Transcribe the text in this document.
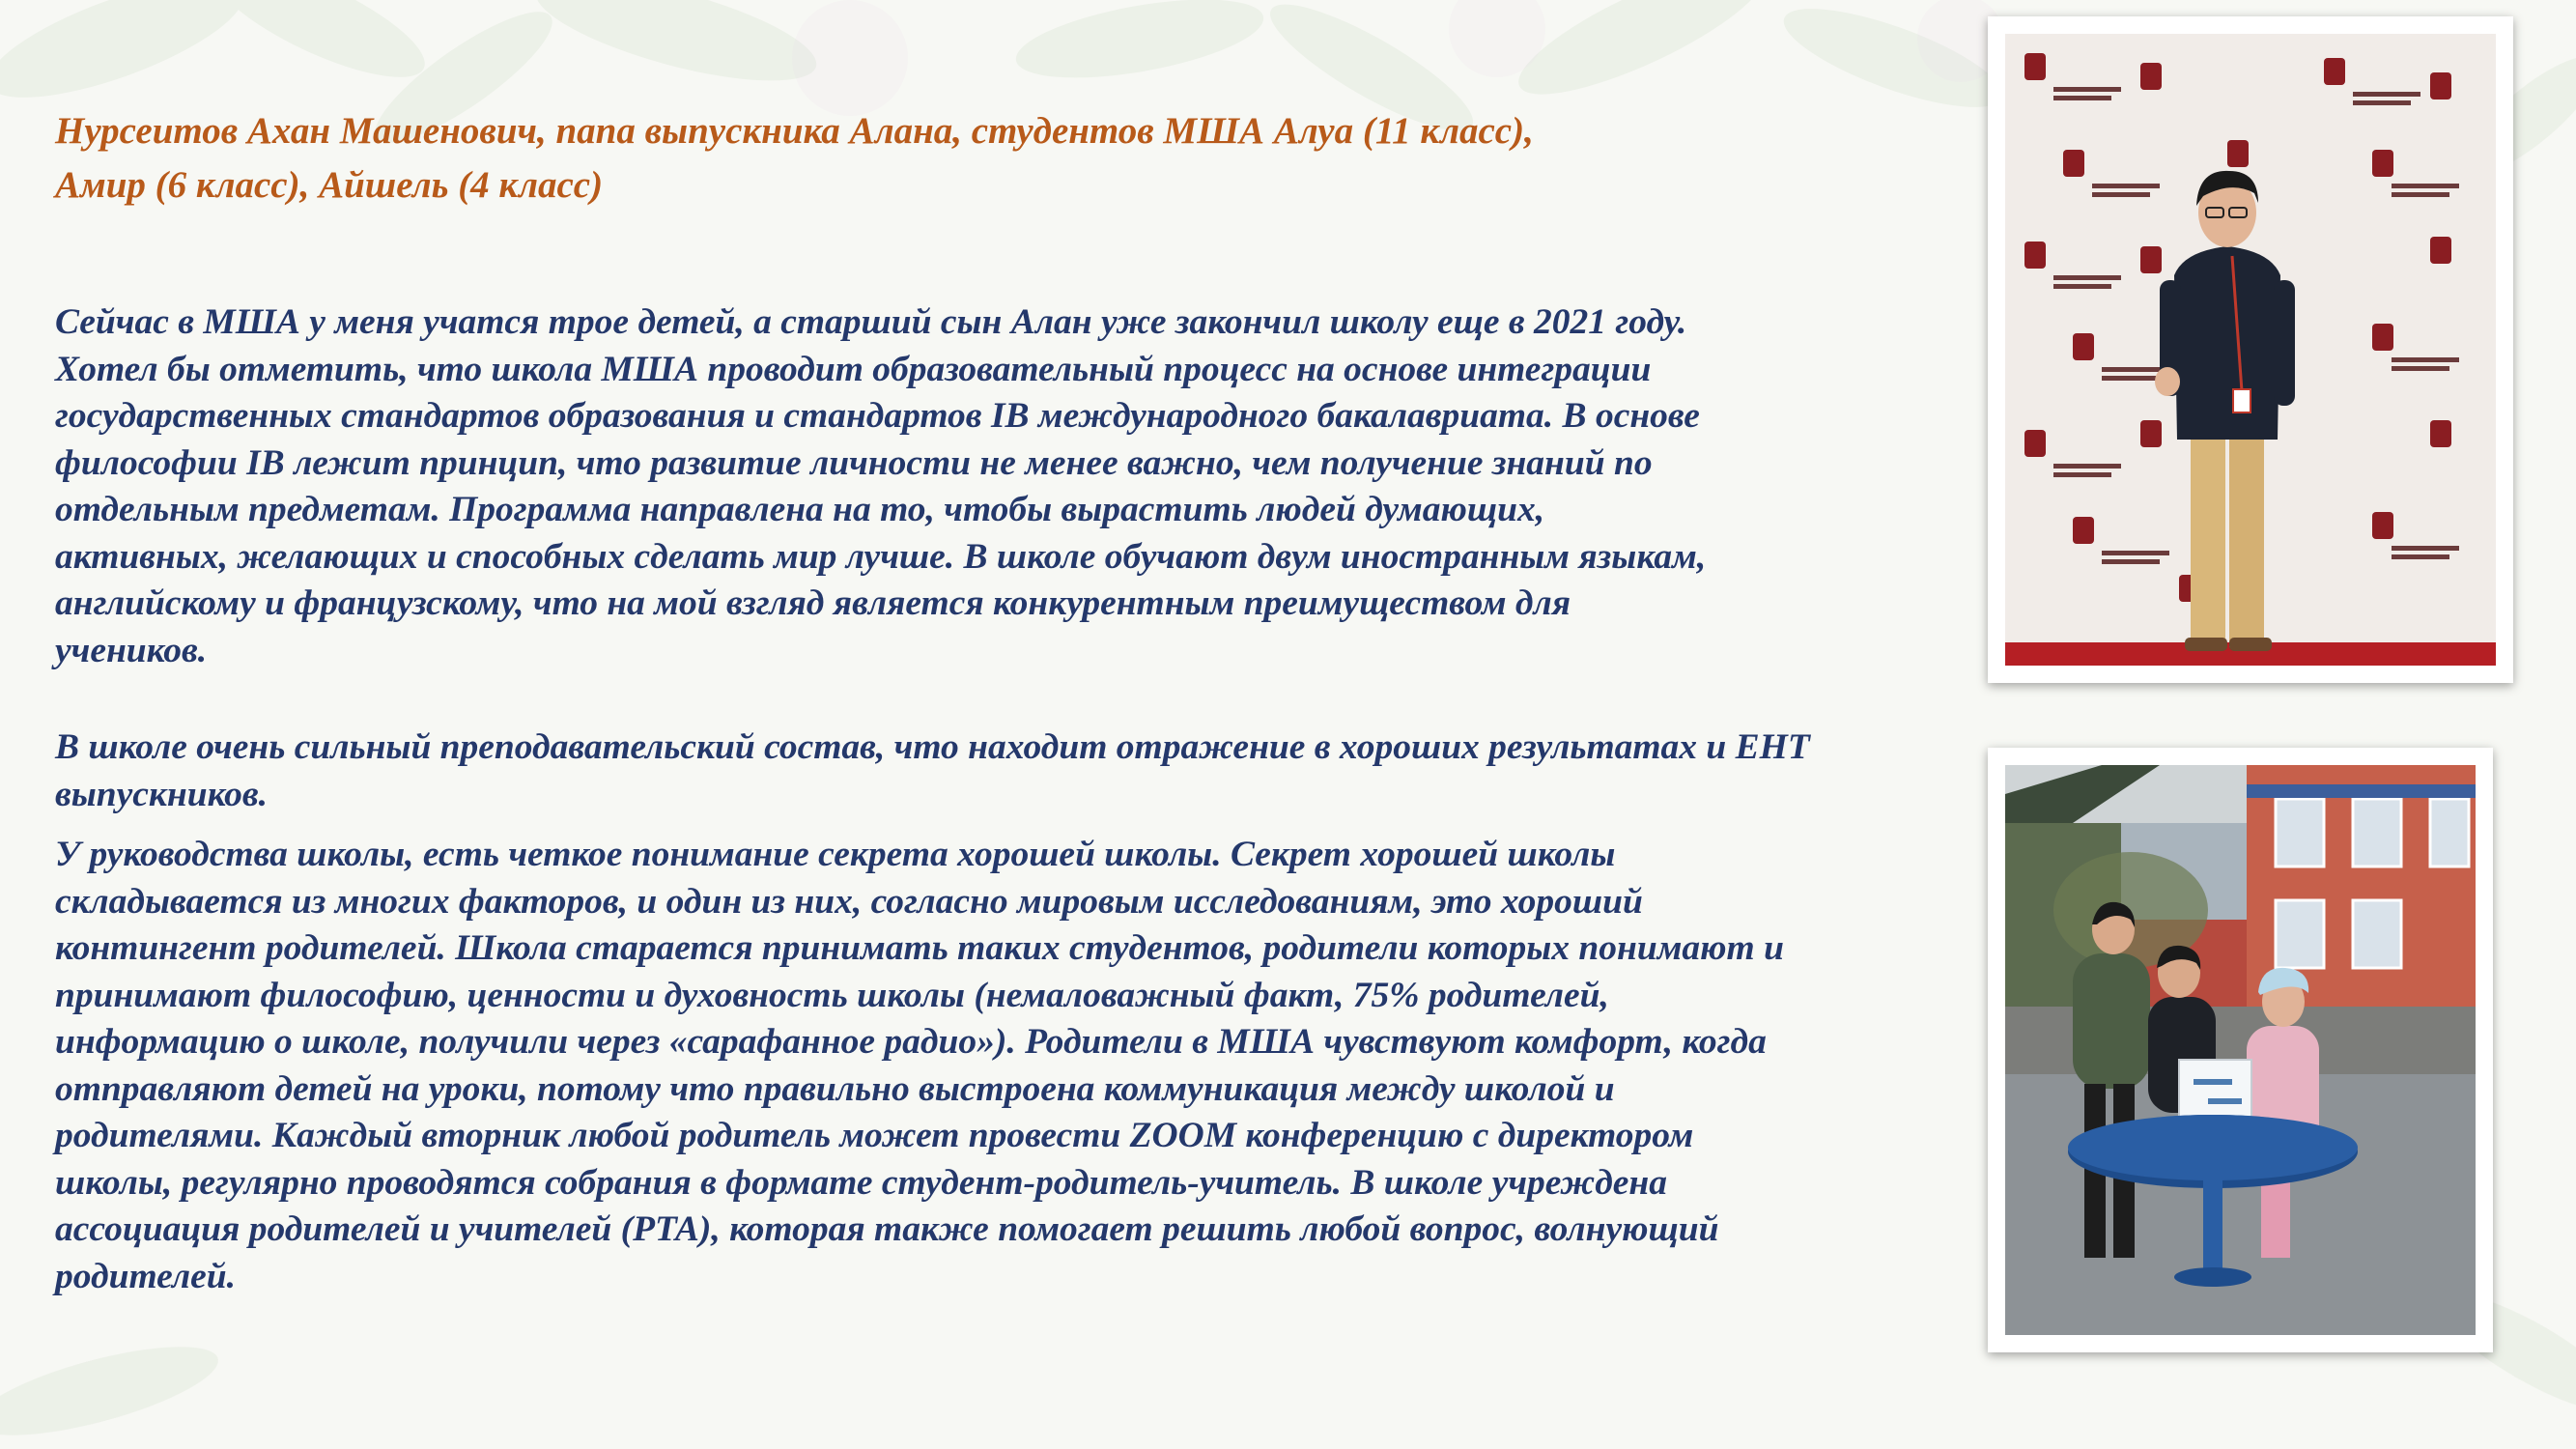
Нурсеитов Ахан Машенович, папа выпускника Алана, студентов МША Алуа (11 класс),
Амир (6 класс), Айшель (4 класс)

Сейчас в МША у меня учатся трое детей, а старший сын Алан уже закончил школу еще в 2021 году.
Хотел бы отметить, что школа МША проводит образовательный процесс на основе интеграции
государственных стандартов образования и стандартов IB международного бакалавриата. В основе
философии IB лежит принцип, что развитие личности не менее важно, чем получение знаний по
отдельным предметам. Программа направлена на то, чтобы вырастить людей думающих,
активных, желающих и способных сделать мир лучше. В школе обучают двум иностранным языкам,
английскому и французскому, что на мой взгляд является конкурентным преимуществом для
учеников.

В школе очень сильный преподавательский состав, что находит отражение в хороших результатах и ЕНТ
выпускников.

У руководства школы, есть четкое понимание секрета хорошей школы. Секрет хорошей школы
складывается из многих факторов, и один из них, согласно мировым исследованиям, это хороший
контингент родителей. Школа старается принимать таких студентов, родители которых понимают и
принимают философию, ценности и духовность школы (немаловажный факт, 75% родителей,
информацию о школе, получили через «сарафанное радио»). Родители в МША чувствуют комфорт, когда
отправляют детей на уроки, потому что правильно выстроена коммуникация между школой и
родителями. Каждый вторник любой родитель может провести ZOOM конференцию с директором
школы, регулярно проводятся собрания в формате студент-родитель-учитель. В школе учреждена
ассоциация родителей и учителей (PTA), которая также помогает решить любой вопрос, волнующий
родителей.
